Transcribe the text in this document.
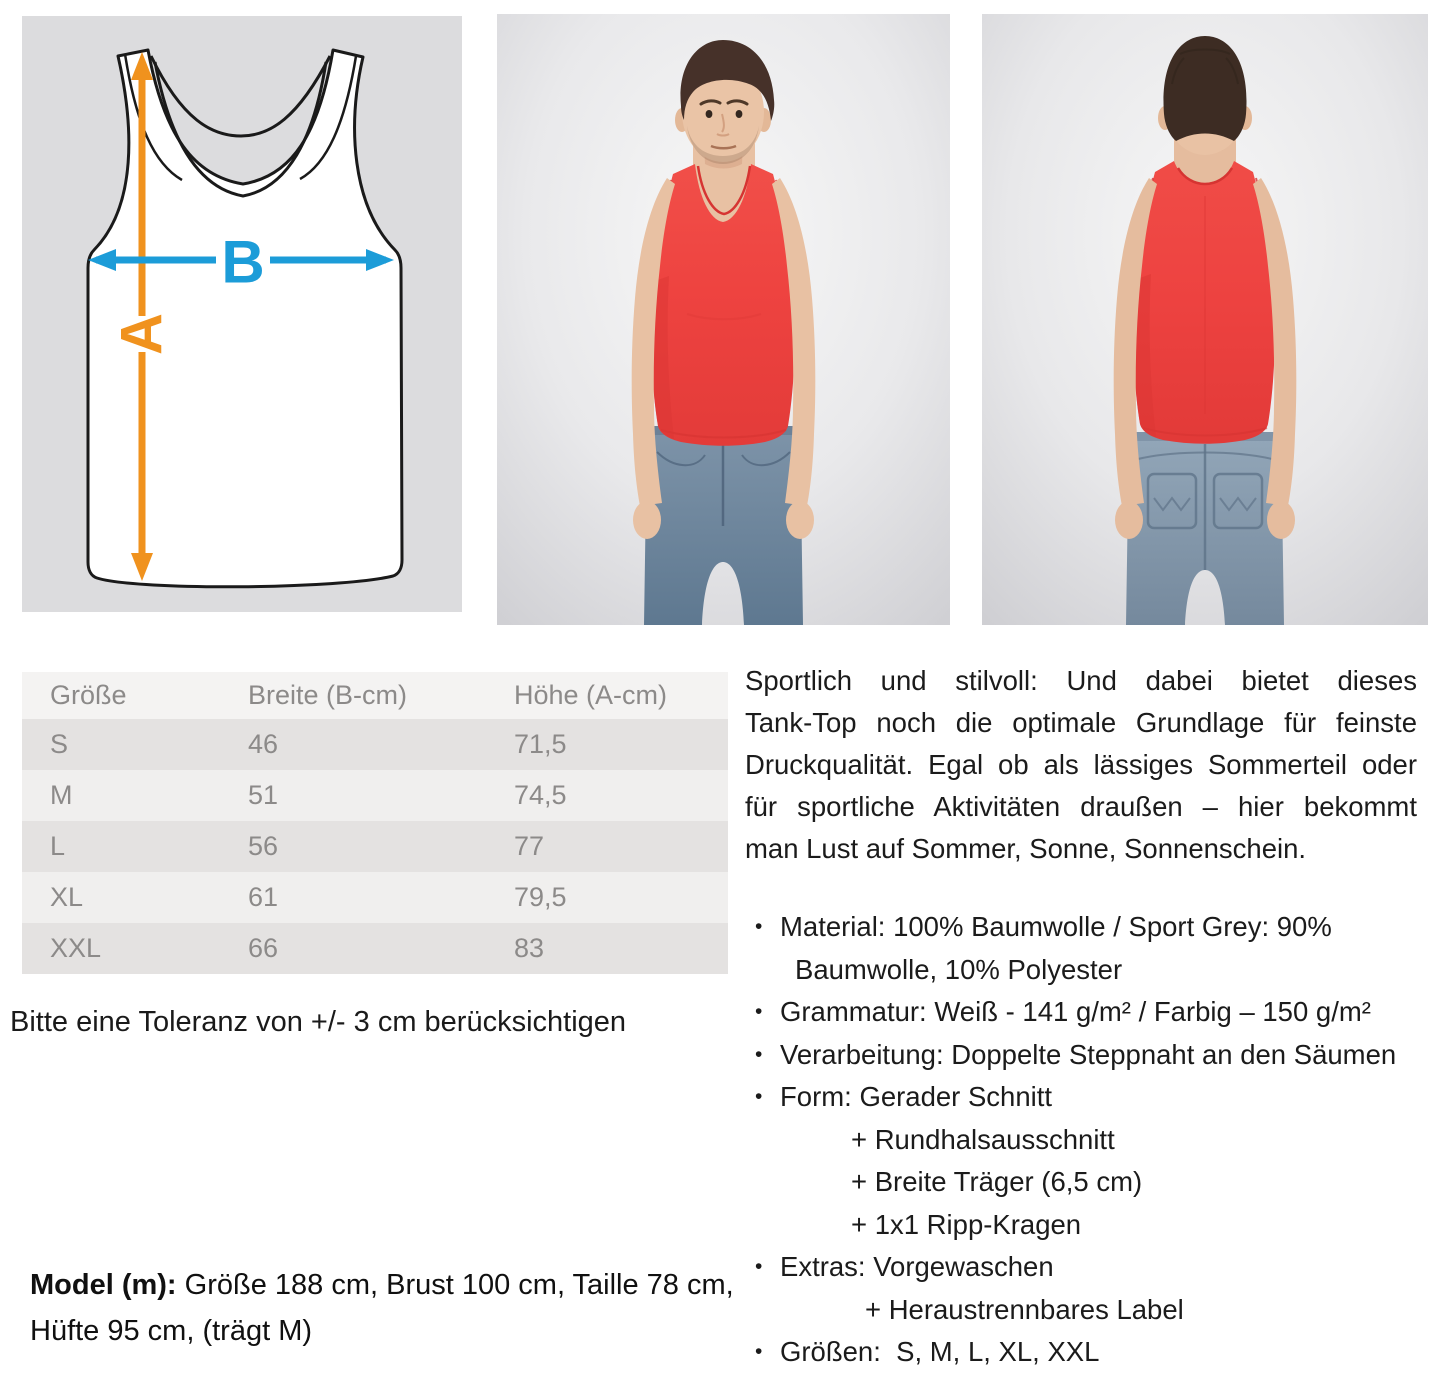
A
B
Größe	Breite (B-cm)	Höhe (A-cm)
S	46	71,5
M	51	74,5
L	56	77
XL	61	79,5
XXL	66	83
Bitte eine Toleranz von +/- 3 cm berücksichtigen
Model (m): Größe 188 cm, Brust 100 cm, Taille 78 cm,
Hüfte 95 cm, (trägt M)
Sportlich und stilvoll: Und dabei bietet dieses
Tank-Top noch die optimale Grundlage für feinste
Druckqualität. Egal ob als lässiges Sommerteil oder
für sportliche Aktivitäten draußen – hier bekommt
man Lust auf Sommer, Sonne, Sonnenschein.
• Material: 100% Baumwolle / Sport Grey: 90%
Baumwolle, 10% Polyester
• Grammatur: Weiß - 141 g/m² / Farbig – 150 g/m²
• Verarbeitung: Doppelte Steppnaht an den Säumen
• Form: Gerader Schnitt
+ Rundhalsausschnitt
+ Breite Träger (6,5 cm)
+ 1x1 Ripp-Kragen
• Extras: Vorgewaschen
+ Heraustrennbares Label
• Größen:  S, M, L, XL, XXL
